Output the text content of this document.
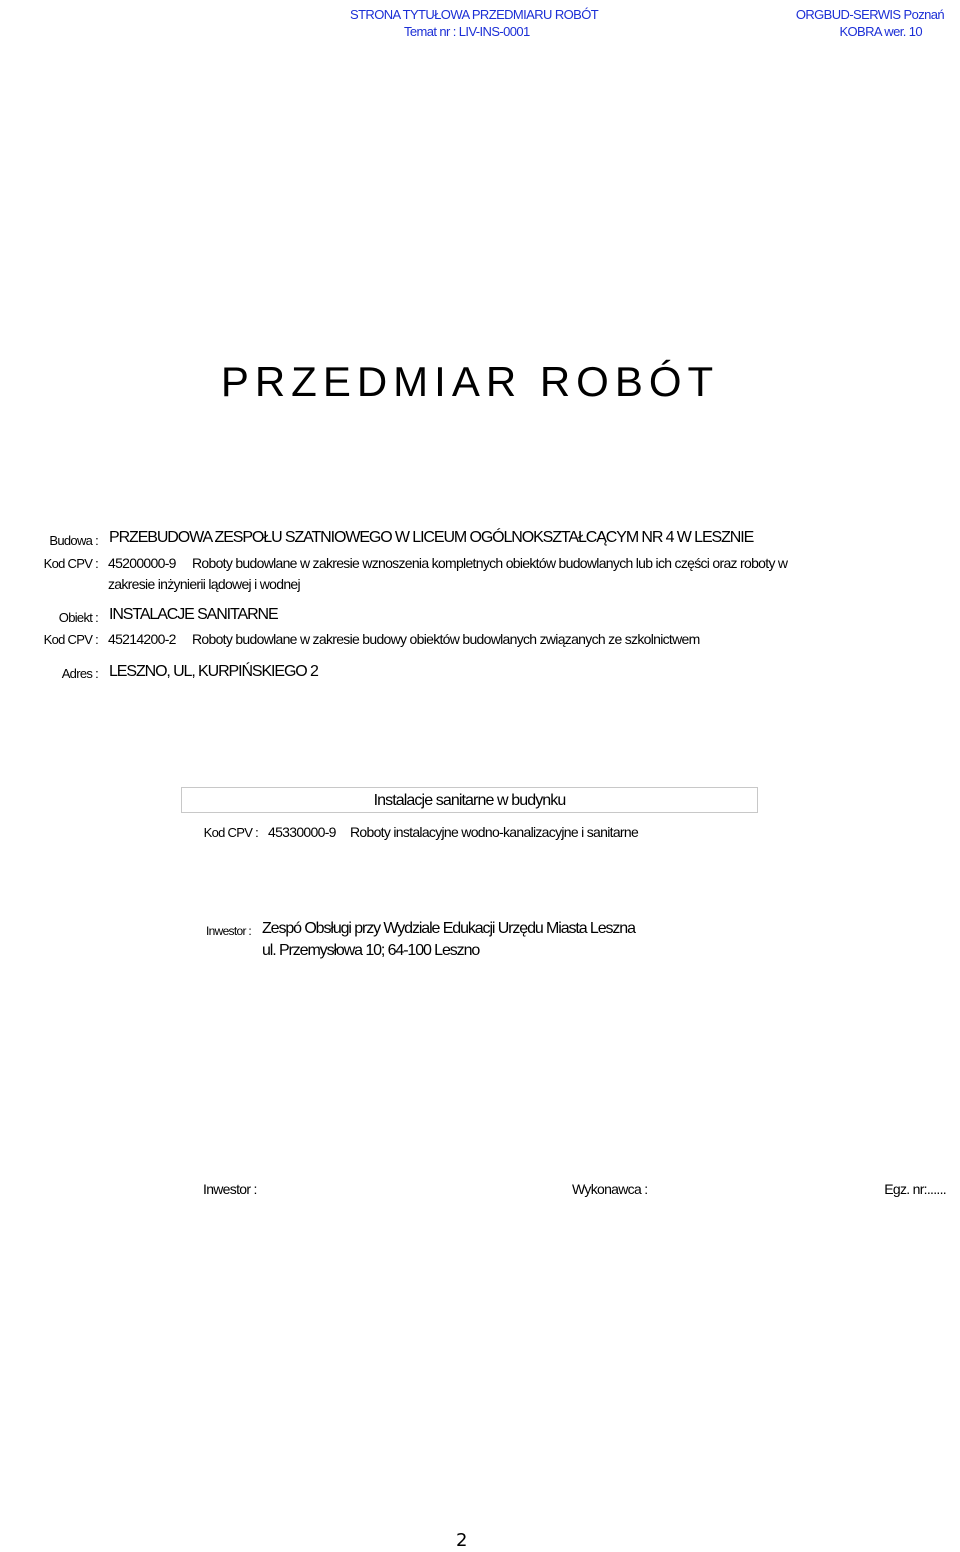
STRONA TYTUŁOWA PRZEDMIARU ROBÓT	ORGBUD-SERWIS Poznań
Temat nr : LIV-INS-0001	KOBRA wer. 10
PRZEDMIAR ROBÓT
Budowa : PRZEBUDOWA ZESPOŁU SZATNIOWEGO W LICEUM OGÓLNOKSZTAŁCĄCYM NR 4 W LESZNIE
Kod CPV : 45200000-9 Roboty budowlane w zakresie wznoszenia kompletnych obiektów budowlanych lub ich części oraz roboty w
zakresie inżynierii lądowej i wodnej
Obiekt : INSTALACJE SANITARNE
Kod CPV : 45214200-2 Roboty budowlane w zakresie budowy obiektów budowlanych związanych ze szkolnictwem
Adres : LESZNO, UL, KURPIŃSKIEGO 2
Instalacje sanitarne w budynku
Kod CPV : 45330000-9 Roboty instalacyjne wodno-kanalizacyjne i sanitarne
Inwestor : Zespó Obsługi przy Wydziale Edukacji Urzędu Miasta Leszna
ul. Przemysłowa 10; 64-100 Leszno
Inwestor :	Wykonawca :	Egz. nr:......
2
